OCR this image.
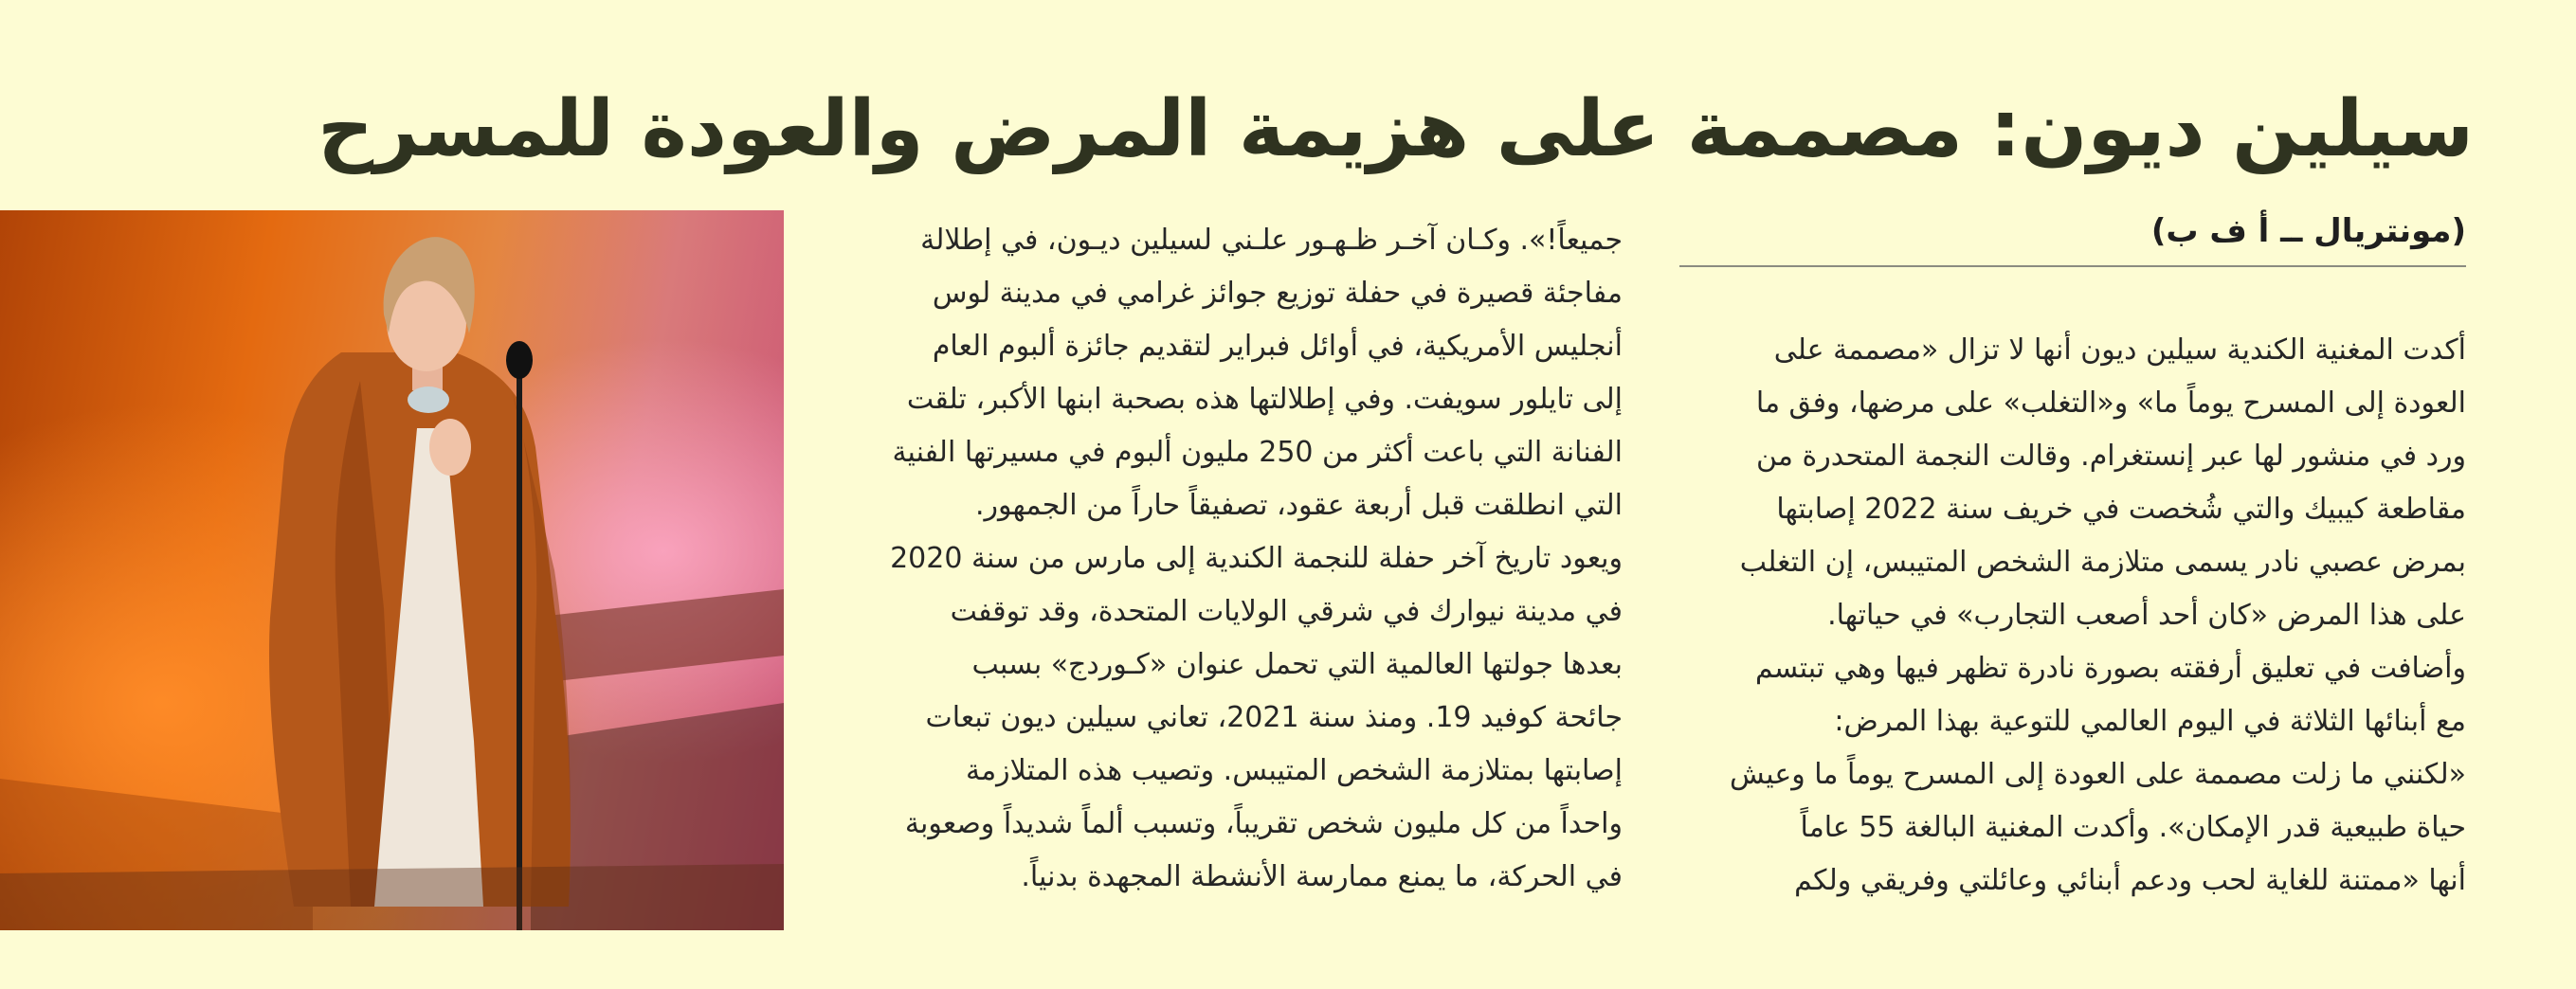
سيلين ديون: مصممة على هزيمة المرض والعودة للمسرح
(مونتريال ــ أ ف ب)
أكدت المغنية الكندية سيلين ديون أنها لا تزال «مصممة على
العودة إلى المسرح يوماً ما» و«التغلب» على مرضها، وفق ما
ورد في منشور لها عبر إنستغرام. وقالت النجمة المتحدرة من
مقاطعة كيبيك والتي شُخصت في خريف سنة 2022 إصابتها
بمرض عصبي نادر يسمى متلازمة الشخص المتيبس، إن التغلب
على هذا المرض «كان أحد أصعب التجارب» في حياتها.
وأضافت في تعليق أرفقته بصورة نادرة تظهر فيها وهي تبتسم
مع أبنائها الثلاثة في اليوم العالمي للتوعية بهذا المرض:
«لكنني ما زلت مصممة على العودة إلى المسرح يوماً ما وعيش
حياة طبيعية قدر الإمكان». وأكدت المغنية البالغة 55 عاماً
أنها «ممتنة للغاية لحب ودعم أبنائي وعائلتي وفريقي ولكم
جميعاً!». وكـان آخـر ظـهـور علـني لسيلين ديـون، في إطلالة
مفاجئة قصيرة في حفلة توزيع جوائز غرامي في مدينة لوس
أنجليس الأمريكية، في أوائل فبراير لتقديم جائزة ألبوم العام
إلى تايلور سويفت. وفي إطلالتها هذه بصحبة ابنها الأكبر، تلقت
الفنانة التي باعت أكثر من 250 مليون ألبوم في مسيرتها الفنية
التي انطلقت قبل أربعة عقود، تصفيقاً حاراً من الجمهور.
ويعود تاريخ آخر حفلة للنجمة الكندية إلى مارس من سنة 2020
في مدينة نيوارك في شرقي الولايات المتحدة، وقد توقفت
بعدها جولتها العالمية التي تحمل عنوان «كـوردج» بسبب
جائحة كوفيد 19. ومنذ سنة 2021، تعاني سيلين ديون تبعات
إصابتها بمتلازمة الشخص المتيبس. وتصيب هذه المتلازمة
واحداً من كل مليون شخص تقريباً، وتسبب ألماً شديداً وصعوبة
في الحركة، ما يمنع ممارسة الأنشطة المجهدة بدنياً.
